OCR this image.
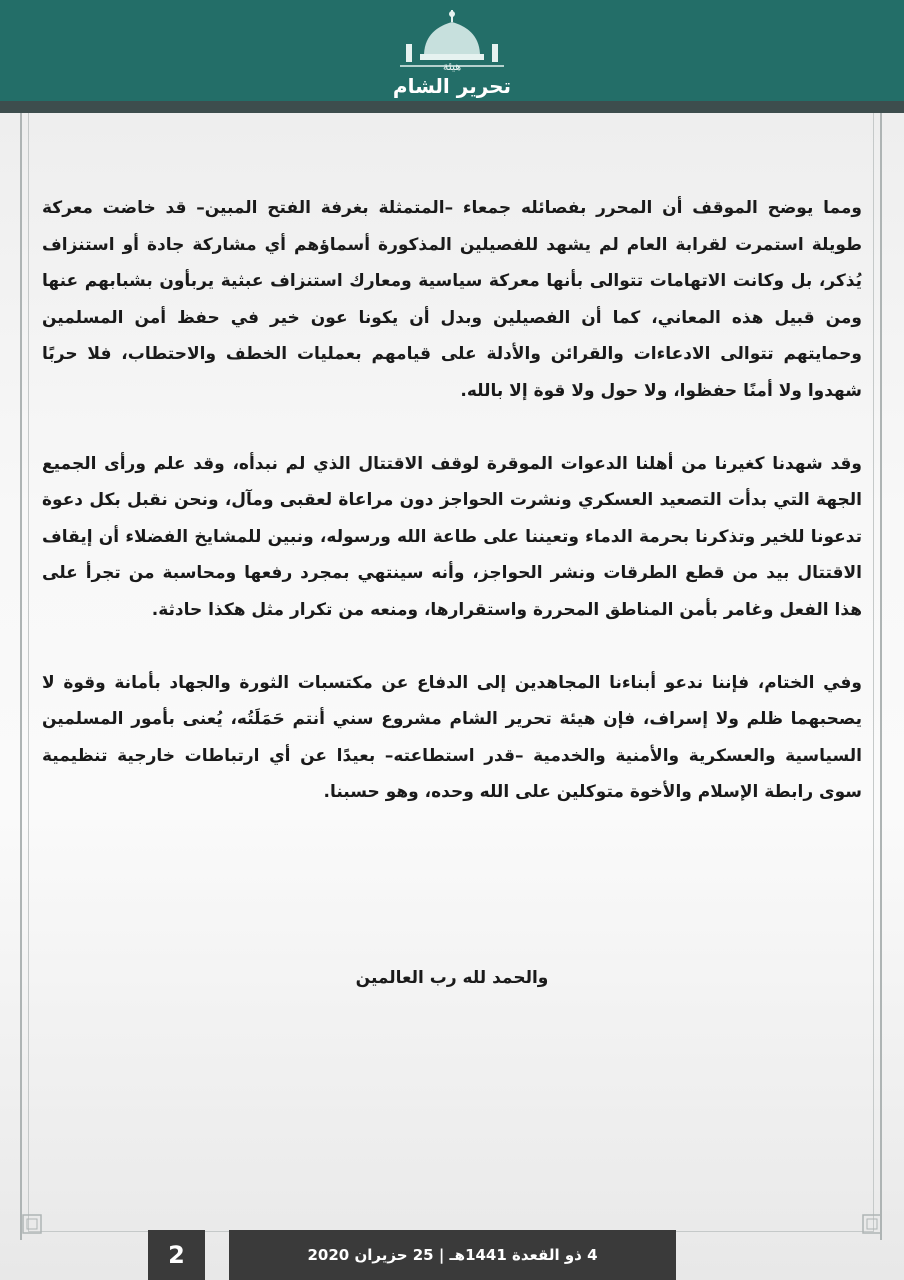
هيئة
تحرير الشام

ومما يوضح الموقف أن المحرر بفصائله جمعاء –المتمثلة بغرفة الفتح المبين– قد خاضت معركة طويلة استمرت لقرابة العام لم يشهد للفصيلين المذكورة أسماؤهم أي مشاركة جادة أو استنزاف يُذكر، بل وكانت الاتهامات تتوالى بأنها معركة سياسية ومعارك استنزاف عبثية يربأون بشبابهم عنها ومن قبيل هذه المعاني، كما أن الفصيلين وبدل أن يكونا عون خير في حفظ أمن المسلمين وحمايتهم تتوالى الادعاءات والقرائن والأدلة على قيامهم بعمليات الخطف والاحتطاب، فلا حربًا شهدوا ولا أمنًا حفظوا، ولا حول ولا قوة إلا بالله.

وقد شهدنا كغيرنا من أهلنا الدعوات الموقرة لوقف الاقتتال الذي لم نبدأه، وقد علم ورأى الجميع الجهة التي بدأت التصعيد العسكري ونشرت الحواجز دون مراعاة لعقبى ومآل، ونحن نقبل بكل دعوة تدعونا للخير وتذكرنا بحرمة الدماء وتعيننا على طاعة الله ورسوله، ونبين للمشايخ الفضلاء أن إيقاف الاقتتال بيد من قطع الطرقات ونشر الحواجز، وأنه سينتهي بمجرد رفعها ومحاسبة من تجرأ على هذا الفعل وغامر بأمن المناطق المحررة واستقرارها، ومنعه من تكرار مثل هكذا حادثة.

وفي الختام، فإننا ندعو أبناءنا المجاهدين إلى الدفاع عن مكتسبات الثورة والجهاد بأمانة وقوة لا يصحبهما ظلم ولا إسراف، فإن هيئة تحرير الشام مشروع سني أنتم حَمَلَتُه، يُعنى بأمور المسلمين السياسية والعسكرية والأمنية والخدمية –قدر استطاعته– بعيدًا عن أي ارتباطات خارجية تنظيمية سوى رابطة الإسلام والأخوة متوكلين على الله وحده، وهو حسبنا.

والحمد لله رب العالمين
2	4 ذو القعدة 1441هـ | 25 حزيران 2020
